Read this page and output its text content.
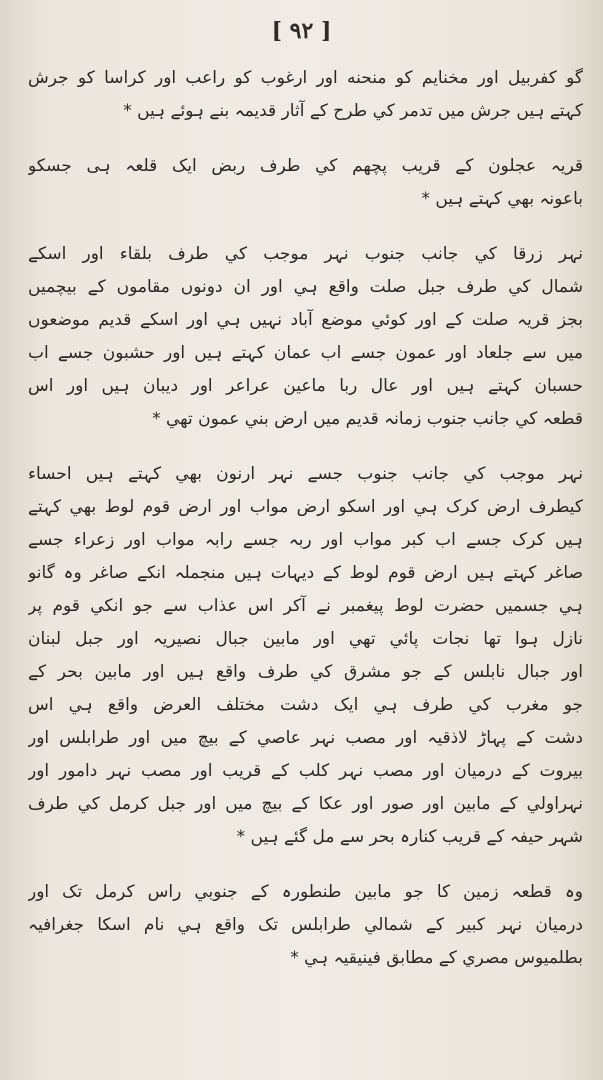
[ ٩٢ ]
گو کفربيل اور مخنايم کو منحنه اور ارغوب کو راعب اور کراسا کو جرش
کہتے ہیں جرش میں تدمر کي طرح کے آثار قديمہ بنے ہوئے ہیں *
قريہ عجلون کے قريب پچھم کي طرف ربض ايک قلعہ ہی جسکو
باعونہ بهي کہتے ہيں *
نہر زرقا کي جانب جنوب نہر موجب کي طرف بلقاء اور اسکے
شمال کي طرف جبل صلت واقع ہي اور ان دونوں مقاموں کے بيچمیں
بجز قريہ صلت کے اور کوئي موضع آباد نہيں ہي اور اسکے قديم موضعوں
میں سے جلعاد اور عمون جسے اب عمان کہتے ہیں اور حشبون جسے اب
حسبان کہتے ہیں اور عال ربا ماعين عراعر اور ديبان ہیں اور اس
قطعہ کي جانب جنوب زمانہ قديم میں ارض بني عمون تهي *
نہر موجب کي جانب جنوب جسے نہر ارنون بهي کہتے ہیں احساء
کيطرف ارض کرک ہي اور اسکو ارض مواب اور ارض قوم لوط بهي کہتے
ہيں کرک جسے اب کبر مواب اور ربہ جسے رابہ مواب اور زعراء جسے
صاغر کہتے ہیں ارض قوم لوط کے ديہات ہيں منجملہ انکے صاغر وہ گانو
ہي جسمیں حضرت لوط پيغمبر نے آکر اس عذاب سے جو انکي قوم پر
نازل ہوا تها نجات پائي تهي اور مابين جبال نصيريہ اور جبل لبنان
اور جبال نابلس کے جو مشرق کي طرف واقع ہيں اور مابين بحر کے
جو مغرب کي طرف ہي ايک دشت مختلف العرض واقع ہي اس
دشت کے پہاڑ لاذقيہ اور مصب نہر عاصي کے بيچ میں اور طرابلس اور
بيروت کے درميان اور مصب نہر کلب کے قريب اور مصب نہر دامور اور
نہراولي کے مابين اور صور اور عکا کے بيچ میں اور جبل کرمل کي طرف
شہر حيفہ کے قريب کنارہ بحر سے مل گئے ہيں *
وہ قطعہ زمين کا جو مابين طنطورہ کے جنوبي راس کرمل تک اور
درميان نہر کبير کے شمالي طرابلس تک واقع ہي نام اسکا جغرافيہ
بطلميوس مصري کے مطابق فينيقيہ ہي *
